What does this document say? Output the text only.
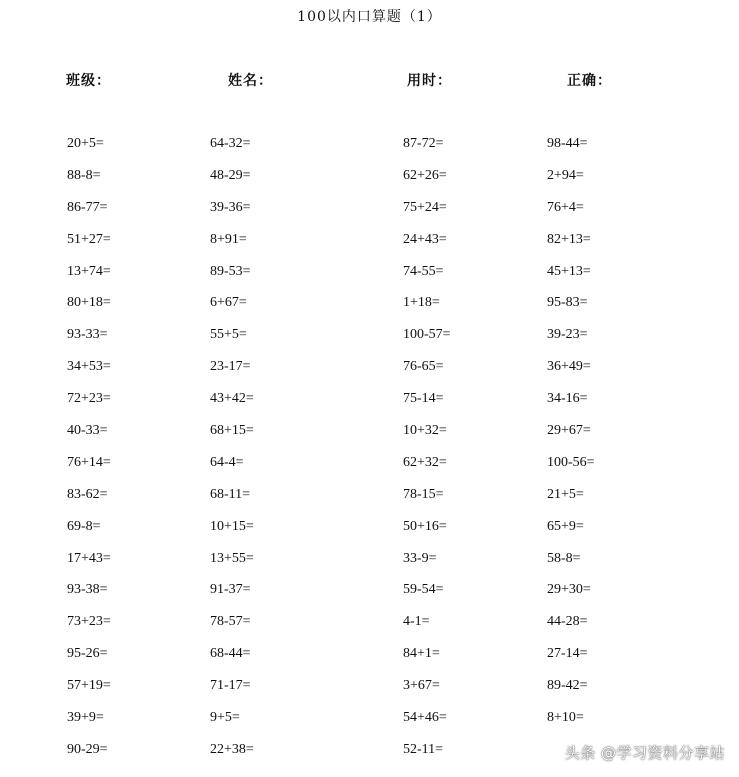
100以内口算题（1）
班级：	姓名：	用时：	正确：
20+5=	64-32=	87-72=	98-44=
88-8=	48-29=	62+26=	2+94=
86-77=	39-36=	75+24=	76+4=
51+27=	8+91=	24+43=	82+13=
13+74=	89-53=	74-55=	45+13=
80+18=	6+67=	1+18=	95-83=
93-33=	55+5=	100-57=	39-23=
34+53=	23-17=	76-65=	36+49=
72+23=	43+42=	75-14=	34-16=
40-33=	68+15=	10+32=	29+67=
76+14=	64-4=	62+32=	100-56=
83-62=	68-11=	78-15=	21+5=
69-8=	10+15=	50+16=	65+9=
17+43=	13+55=	33-9=	58-8=
93-38=	91-37=	59-54=	29+30=
73+23=	78-57=	4-1=	44-28=
95-26=	68-44=	84+1=	27-14=
57+19=	71-17=	3+67=	89-42=
39+9=	9+5=	54+46=	8+10=
90-29=	22+38=	52-11=	头条 @学习资料分享站
